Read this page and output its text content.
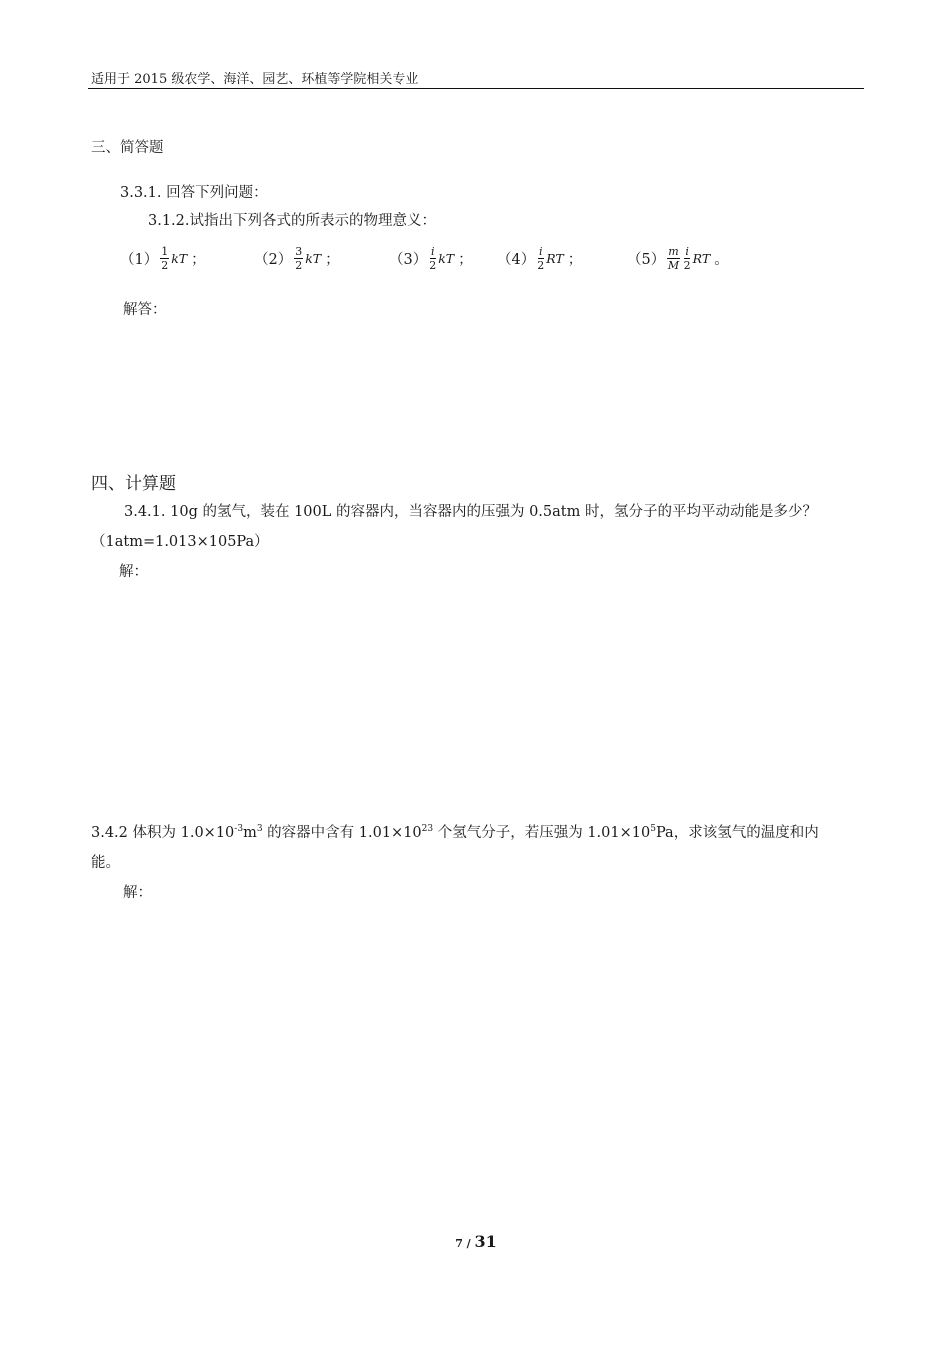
适用于 2015 级农学、海洋、园艺、环植等学院相关专业
三、简答题
3.3.1. 回答下列问题：
3.1.2.试指出下列各式的所表示的物理意义：
$(1) \frac{1}{2}$ kT ；	$(2) \frac{3}{2}$ kT ；	$(3) \frac{i}{2}$ kT ； $(4) \frac{i}{2}$ RT ；	$(5) \frac{m}{M} \frac{i}{2}$ RT 。
解答：
四、计算题
3.4.1. 10g 的氢气，装在 100L 的容器内，当容器内的压强为 0.5atm 时，氢分子的平均平动动能是多少？
（1atm=1.013×105Pa）
解：
3.4.2 体积为 $1.0\times 10^{-3}m^3$ 的容器中含有 $1.01\times 10^{23}$ 个氢气分子，若压强为 $1.01\times 10^5Pa$，求该氢气的温度和内
能。
解：
7 / 31
